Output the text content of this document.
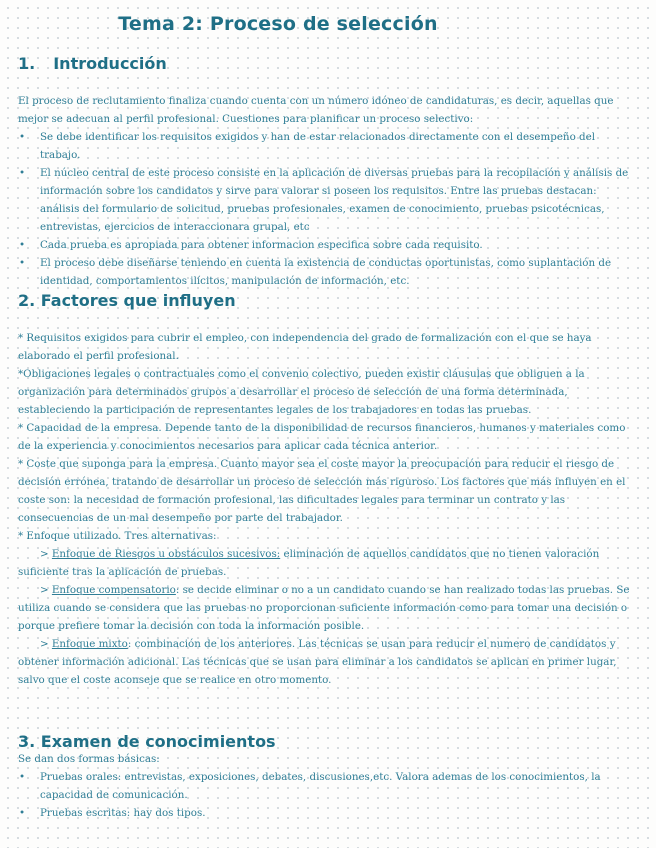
Tema 2: Proceso de selección
1. Introducción

El proceso de reclutamiento finaliza cuando cuenta con un número idóneo de candidaturas, es decir, aquellas que mejor se adecuan al perfil profesional. Cuestiones para planificar un proceso selectivo:

• Se debe identificar los requisitos exigidos y han de estar relacionados directamente con el desempeño del trabajo.
• El núcleo central de este proceso consiste en la aplicación de diversas pruebas para la recopilación y análisis de información sobre los candidatos y sirve para valorar si poseen los requisitos. Entre las pruebas destacan: análisis del formulario de solicitud, pruebas profesionales, examen de conocimiento, pruebas psicotécnicas, entrevistas, ejercicios de interaccionara grupal, etc
• Cada prueba es apropiada para obtener informacion especifica sobre cada requisito.
• El proceso debe diseñarse teniendo en cuenta la existencia de conductas oportunistas, como suplantación de identidad, comportamientos ilícitos, manipulación de información, etc.
2. Factores que influyen

* Requisitos exigidos para cubrir el empleo, con independencia del grado de formalización con el que se haya elaborado el perfil profesional.

*Obligaciones legales o contractuales como el convenio colectivo, pueden existir cláusulas que obliguen a la organización para determinados grupos a desarrollar el proceso de selección de una forma determinada, estableciendo la participación de representantes legales de los trabajadores en todas las pruebas.

* Capacidad de la empresa. Depende tanto de la disponibilidad de recursos financieros, humanos y materiales como de la experiencia y conocimientos necesarios para aplicar cada técnica anterior.

* Coste que suponga para la empresa. Cuanto mayor sea el coste mayor la preocupación para reducir el riesgo de decisión errónea, tratando de desarrollar un proceso de selección más riguroso. Los factores que más influyen en el coste son: la necesidad de formación profesional, las dificultades legales para terminar un contrato y las consecuencias de un mal desempeño por parte del trabajador.

* Enfoque utilizado. Tres alternativas:

> Enfoque de Riesgos u obstáculos sucesivos: eliminación de aquellos candidatos que no tienen valoración suficiente tras la aplicación de pruebas.

> Enfoque compensatorio: se decide eliminar o no a un candidato cuando se han realizado todas las pruebas. Se utiliza cuando se considera que las pruebas no proporcionan suficiente información como para tomar una decisión o porque prefiere tomar la decisión con toda la información posible.

> Enfoque mixto: combinación de los anteriores. Las técnicas se usan para reducir el numero de candidatos y obtener información adicional. Las técnicas que se usan para eliminar a los candidatos se aplican en primer lugar, salvo que el coste aconseje que se realice en otro momento.

3. Examen de conocimientos

Se dan dos formas básicas:

• Pruebas orales: entrevistas, exposiciones, debates, discusiones,etc. Valora ademas de los conocimientos, la capacidad de comunicación.
• Pruebas escritas: hay dos tipos.
